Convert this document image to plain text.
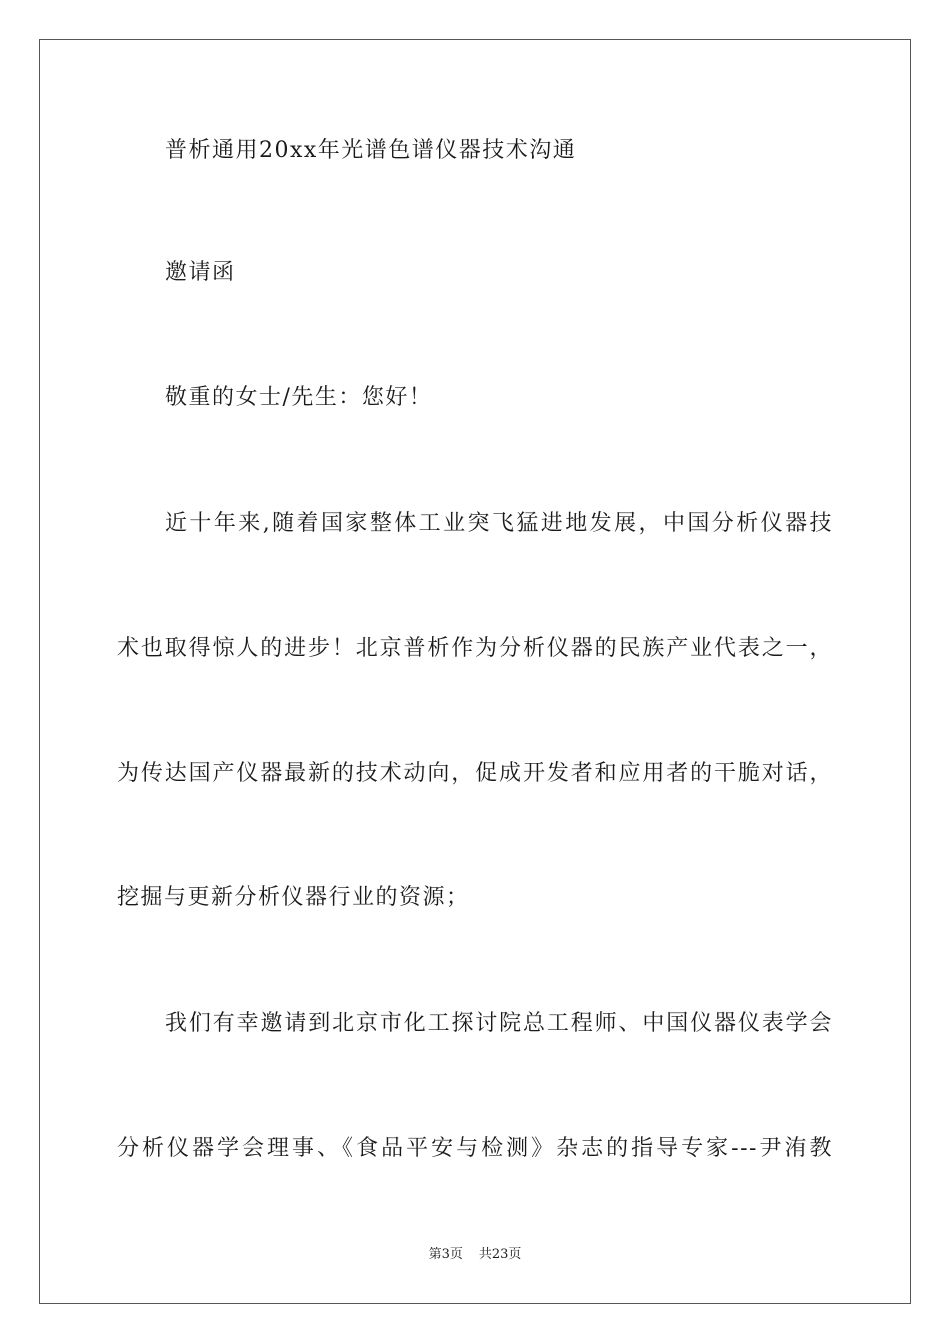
普析通用20xx年光谱色谱仪器技术沟通
邀请函
敬重的女士/先生：您好！
近十年来,随着国家整体工业突飞猛进地发展，中国分析仪器技
术也取得惊人的进步！北京普析作为分析仪器的民族产业代表之一，
为传达国产仪器最新的技术动向，促成开发者和应用者的干脆对话，
挖掘与更新分析仪器行业的资源；
我们有幸邀请到北京市化工探讨院总工程师、中国仪器仪表学会
分析仪器学会理事、《食品平安与检测》杂志的指导专家---尹洧教
第3页 共23页
